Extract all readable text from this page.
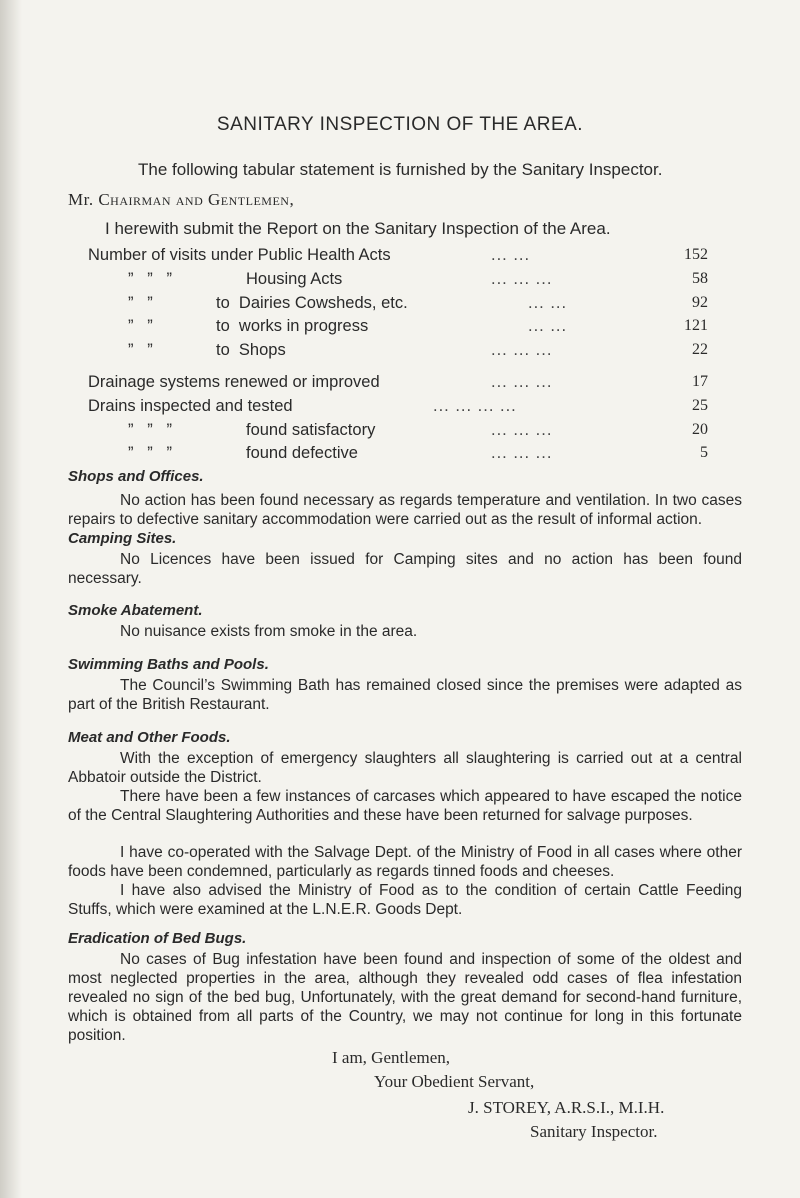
SANITARY INSPECTION OF THE AREA.
The following tabular statement is furnished by the Sanitary Inspector.
Mr. Chairman and Gentlemen,
I herewith submit the Report on the Sanitary Inspection of the Area.
Number of visits under Public Health Acts	... ...	152
”   ”   ”	Housing Acts	... ... ...	58
”   ”	to  Dairies Cowsheds, etc.	... ...	92
”   ”	to  works in progress	... ...	121
”   ”	to  Shops	... ... ...	22
Drainage systems renewed or improved	... ... ...	17
Drains inspected and tested	... ... ... ...	25
”   ”   ”	found satisfactory	... ... ...	20
”   ”   ”	found defective	... ... ...	5
Shops and Offices.
No action has been found necessary as regards temperature and ventilation. In two cases repairs to defective sanitary accommodation were carried out as the result of informal action.
Camping Sites.
No Licences have been issued for Camping sites and no action has been found necessary.
Smoke Abatement.
No nuisance exists from smoke in the area.
Swimming Baths and Pools.
The Council’s Swimming Bath has remained closed since the premises were adapted as part of the British Restaurant.
Meat and Other Foods.
With the exception of emergency slaughters all slaughtering is carried out at a central Abbatoir outside the District.
There have been a few instances of carcases which appeared to have escaped the notice of the Central Slaughtering Authorities and these have been returned for salvage purposes.
I have co-operated with the Salvage Dept. of the Ministry of Food in all cases where other foods have been condemned, particularly as regards tinned foods and cheeses.
I have also advised the Ministry of Food as to the condition of certain Cattle Feeding Stuffs, which were examined at the L.N.E.R. Goods Dept.
Eradication of Bed Bugs.
No cases of Bug infestation have been found and inspection of some of the oldest and most neglected properties in the area, although they revealed odd cases of flea infestation revealed no sign of the bed bug, Unfortunately, with the great demand for second-hand furniture, which is obtained from all parts of the Country, we may not continue for long in this fortunate position.
I am, Gentlemen,
Your Obedient Servant,
J. STOREY, A.R.S.I., M.I.H.
Sanitary Inspector.
